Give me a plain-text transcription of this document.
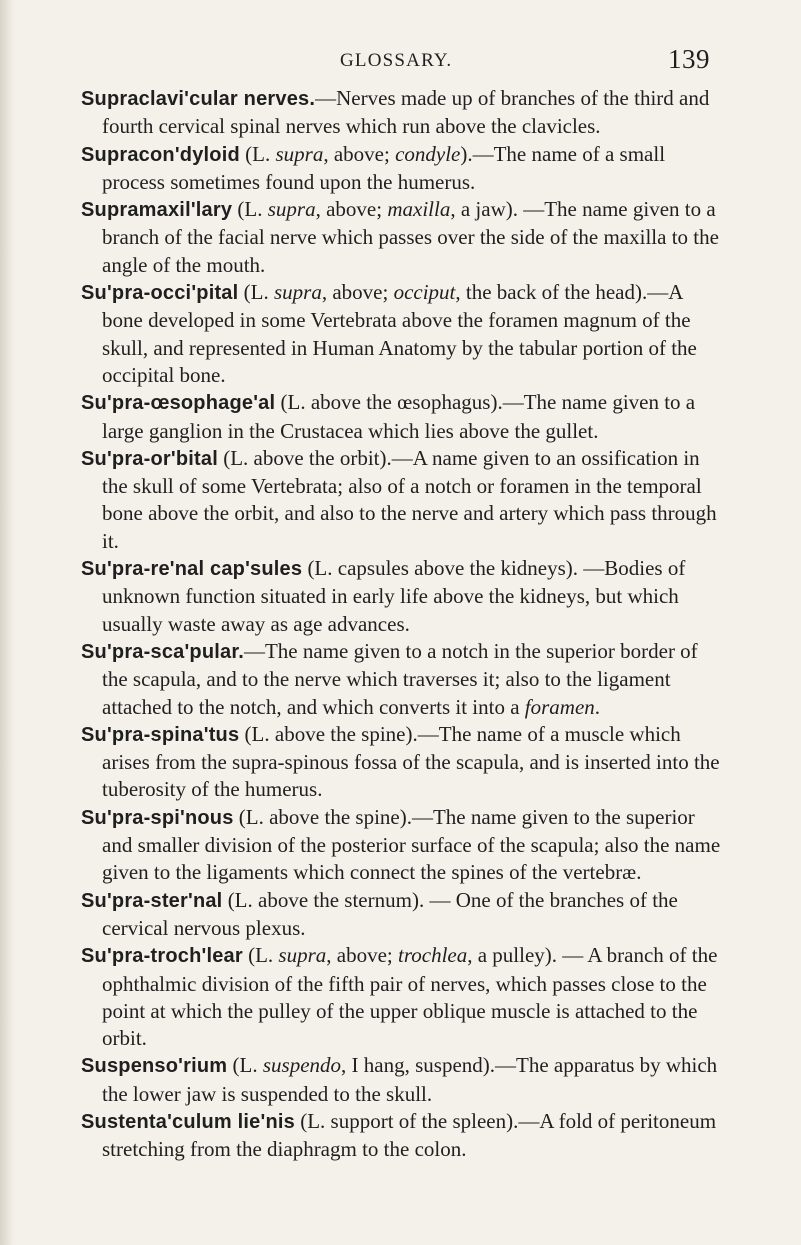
GLOSSARY.	139

Supraclavi'cular nerves.—Nerves made up of branches of the third and fourth cervical spinal nerves which run above the clavicles.

Supracon'dyloid (L. supra, above; condyle).—The name of a small process sometimes found upon the humerus.

Supramaxil'lary (L. supra, above; maxilla, a jaw). —The name given to a branch of the facial nerve which passes over the side of the maxilla to the angle of the mouth.

Su'pra-occi'pital (L. supra, above; occiput, the back of the head).—A bone developed in some Vertebrata above the foramen magnum of the skull, and represented in Human Anatomy by the tabular portion of the occipital bone.

Su'pra-œsophage'al (L. above the œsophagus).—The name given to a large ganglion in the Crustacea which lies above the gullet.

Su'pra-or'bital (L. above the orbit).—A name given to an ossification in the skull of some Vertebrata; also of a notch or foramen in the temporal bone above the orbit, and also to the nerve and artery which pass through it.

Su'pra-re'nal cap'sules (L. capsules above the kidneys). —Bodies of unknown function situated in early life above the kidneys, but which usually waste away as age advances.

Su'pra-sca'pular.—The name given to a notch in the superior border of the scapula, and to the nerve which traverses it; also to the ligament attached to the notch, and which converts it into a foramen.

Su'pra-spina'tus (L. above the spine).—The name of a muscle which arises from the supra-spinous fossa of the scapula, and is inserted into the tuberosity of the humerus.

Su'pra-spi'nous (L. above the spine).—The name given to the superior and smaller division of the posterior surface of the scapula; also the name given to the ligaments which connect the spines of the vertebræ.

Su'pra-ster'nal (L. above the sternum). — One of the branches of the cervical nervous plexus.

Su'pra-troch'lear (L. supra, above; trochlea, a pulley). — A branch of the ophthalmic division of the fifth pair of nerves, which passes close to the point at which the pulley of the upper oblique muscle is attached to the orbit.

Suspenso'rium (L. suspendo, I hang, suspend).—The apparatus by which the lower jaw is suspended to the skull.

Sustenta'culum lie'nis (L. support of the spleen).—A fold of peritoneum stretching from the diaphragm to the colon.
